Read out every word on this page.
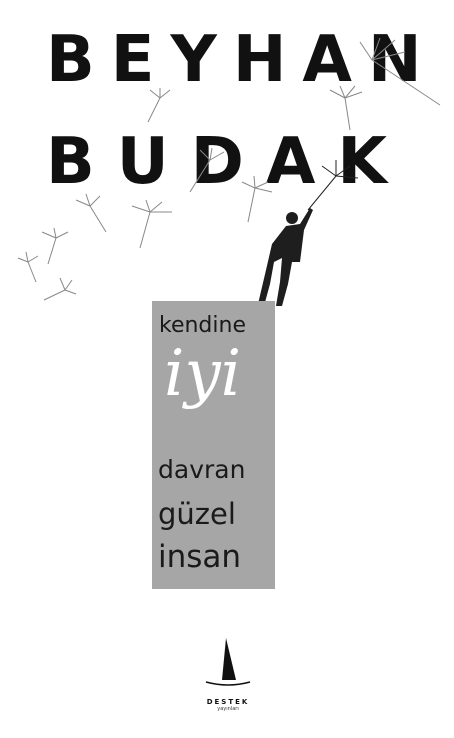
BEYHAN
BUDAK
kendine
iyi
davran
güzel
insan
DESTEK
yayınları
